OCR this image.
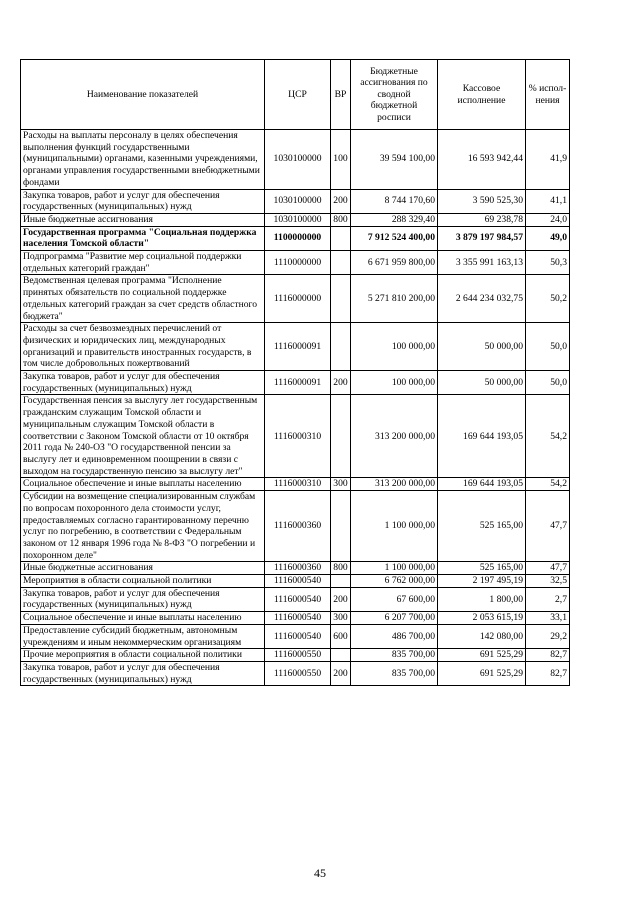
Наименование показателей	ЦСР	ВР	Бюджетные ассигнования по сводной бюджетной росписи	Кассовое исполнение	% испол-нения
Расходы на выплаты персоналу в целях обеспечения выполнения функций государственными (муниципальными) органами, казенными учреждениями, органами управления государственными внебюджетными фондами	1030100000	100	39 594 100,00	16 593 942,44	41,9
Закупка товаров, работ и услуг для обеспечения государственных (муниципальных) нужд	1030100000	200	8 744 170,60	3 590 525,30	41,1
Иные бюджетные ассигнования	1030100000	800	288 329,40	69 238,78	24,0
Государственная программа "Социальная поддержка населения Томской области"	1100000000		7 912 524 400,00	3 879 197 984,57	49,0
Подпрограмма "Развитие мер социальной поддержки отдельных категорий граждан"	1110000000		6 671 959 800,00	3 355 991 163,13	50,3
Ведомственная целевая программа "Исполнение принятых обязательств по социальной поддержке отдельных категорий граждан за счет средств областного бюджета"	1116000000		5 271 810 200,00	2 644 234 032,75	50,2
Расходы за счет безвозмездных перечислений от физических и юридических лиц, международных организаций и правительств иностранных государств, в том числе добровольных пожертвований	1116000091		100 000,00	50 000,00	50,0
Закупка товаров, работ и услуг для обеспечения государственных (муниципальных) нужд	1116000091	200	100 000,00	50 000,00	50,0
Государственная пенсия за выслугу лет государственным гражданским служащим Томской области и муниципальным служащим Томской области в соответствии с Законом Томской области от 10 октября 2011 года № 240-ОЗ "О государственной пенсии за выслугу лет и единовременном поощрении в связи с выходом на государственную пенсию за выслугу лет"	1116000310		313 200 000,00	169 644 193,05	54,2
Социальное обеспечение и иные выплаты населению	1116000310	300	313 200 000,00	169 644 193,05	54,2
Субсидии на возмещение специализированным службам по вопросам похоронного дела стоимости услуг, предоставляемых согласно гарантированному перечню услуг по погребению, в соответствии с Федеральным законом от 12 января 1996 года № 8-ФЗ "О погребении и похоронном деле"	1116000360		1 100 000,00	525 165,00	47,7
Иные бюджетные ассигнования	1116000360	800	1 100 000,00	525 165,00	47,7
Мероприятия в области социальной политики	1116000540		6 762 000,00	2 197 495,19	32,5
Закупка товаров, работ и услуг для обеспечения государственных (муниципальных) нужд	1116000540	200	67 600,00	1 800,00	2,7
Социальное обеспечение и иные выплаты населению	1116000540	300	6 207 700,00	2 053 615,19	33,1
Предоставление субсидий бюджетным, автономным учреждениям и иным некоммерческим организациям	1116000540	600	486 700,00	142 080,00	29,2
Прочие мероприятия в области социальной политики	1116000550		835 700,00	691 525,29	82,7
Закупка товаров, работ и услуг для обеспечения государственных (муниципальных) нужд	1116000550	200	835 700,00	691 525,29	82,7
45
